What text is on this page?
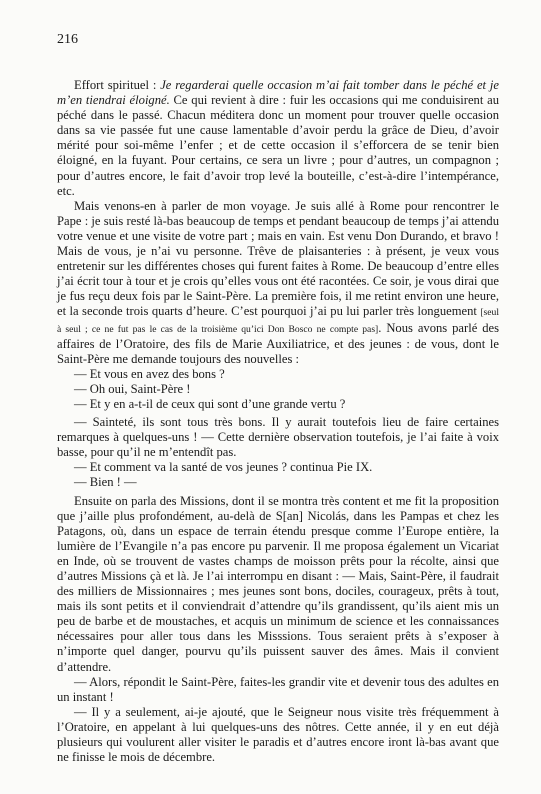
216

Effort spirituel : Je regarderai quelle occasion m’ai fait tomber dans le péché et je m’en tiendrai éloigné. Ce qui revient à dire : fuir les occasions qui me conduisirent au péché dans le passé. Chacun méditera donc un moment pour trouver quelle occasion dans sa vie passée fut une cause lamentable d’avoir perdu la grâce de Dieu, d’avoir mérité pour soi-même l’enfer ; et de cette occasion il s’efforcera de se tenir bien éloigné, en la fuyant. Pour certains, ce sera un livre ; pour d’autres, un compagnon ; pour d’autres encore, le fait d’avoir trop levé la bouteille, c’est-à-dire l’intempérance, etc.

Mais venons-en à parler de mon voyage. Je suis allé à Rome pour rencontrer le Pape : je suis resté là-bas beaucoup de temps et pendant beaucoup de temps j’ai attendu votre venue et une visite de votre part ; mais en vain. Est venu Don Durando, et bravo ! Mais de vous, je n’ai vu personne. Trêve de plaisanteries : à présent, je veux vous entretenir sur les différentes choses qui furent faites à Rome. De beaucoup d’entre elles j’ai écrit tour à tour et je crois qu’elles vous ont été racontées. Ce soir, je vous dirai que je fus reçu deux fois par le Saint-Père. La première fois, il me retint environ une heure, et la seconde trois quarts d’heure. C’est pourquoi j’ai pu lui parler très longuement [seul à seul ; ce ne fut pas le cas de la troisième qu’ici Don Bosco ne compte pas]. Nous avons parlé des affaires de l’Oratoire, des fils de Marie Auxiliatrice, et des jeunes : de vous, dont le Saint-Père me demande toujours des nouvelles :

— Et vous en avez des bons ?

— Oh oui, Saint-Père !

— Et y en a-t-il de ceux qui sont d’une grande vertu ?

— Sainteté, ils sont tous très bons. Il y aurait toutefois lieu de faire certaines remarques à quelques-uns ! — Cette dernière observation toutefois, je l’ai faite à voix basse, pour qu’il ne m’entendît pas.

— Et comment va la santé de vos jeunes ? continua Pie IX.

— Bien ! —

Ensuite on parla des Missions, dont il se montra très content et me fit la proposition que j’aille plus profondément, au-delà de S[an] Nicolás, dans les Pampas et chez les Patagons, où, dans un espace de terrain étendu presque comme l’Europe entière, la lumière de l’Evangile n’a pas encore pu parvenir. Il me proposa également un Vicariat en Inde, où se trouvent de vastes champs de moisson prêts pour la récolte, ainsi que d’autres Missions çà et là. Je l’ai interrompu en disant : — Mais, Saint-Père, il faudrait des milliers de Missionnaires ; mes jeunes sont bons, dociles, courageux, prêts à tout, mais ils sont petits et il conviendrait d’attendre qu’ils grandissent, qu’ils aient mis un peu de barbe et de moustaches, et acquis un minimum de science et les connaissances nécessaires pour aller tous dans les Misssions. Tous seraient prêts à s’exposer à n’importe quel danger, pourvu qu’ils puissent sauver des âmes. Mais il convient d’attendre.

— Alors, répondit le Saint-Père, faites-les grandir vite et devenir tous des adultes en un instant !

— Il y a seulement, ai-je ajouté, que le Seigneur nous visite très fréquemment à l’Oratoire, en appelant à lui quelques-uns des nôtres. Cette année, il y en eut déjà plusieurs qui voulurent aller visiter le paradis et d’autres encore iront là-bas avant que ne finisse le mois de décembre.
